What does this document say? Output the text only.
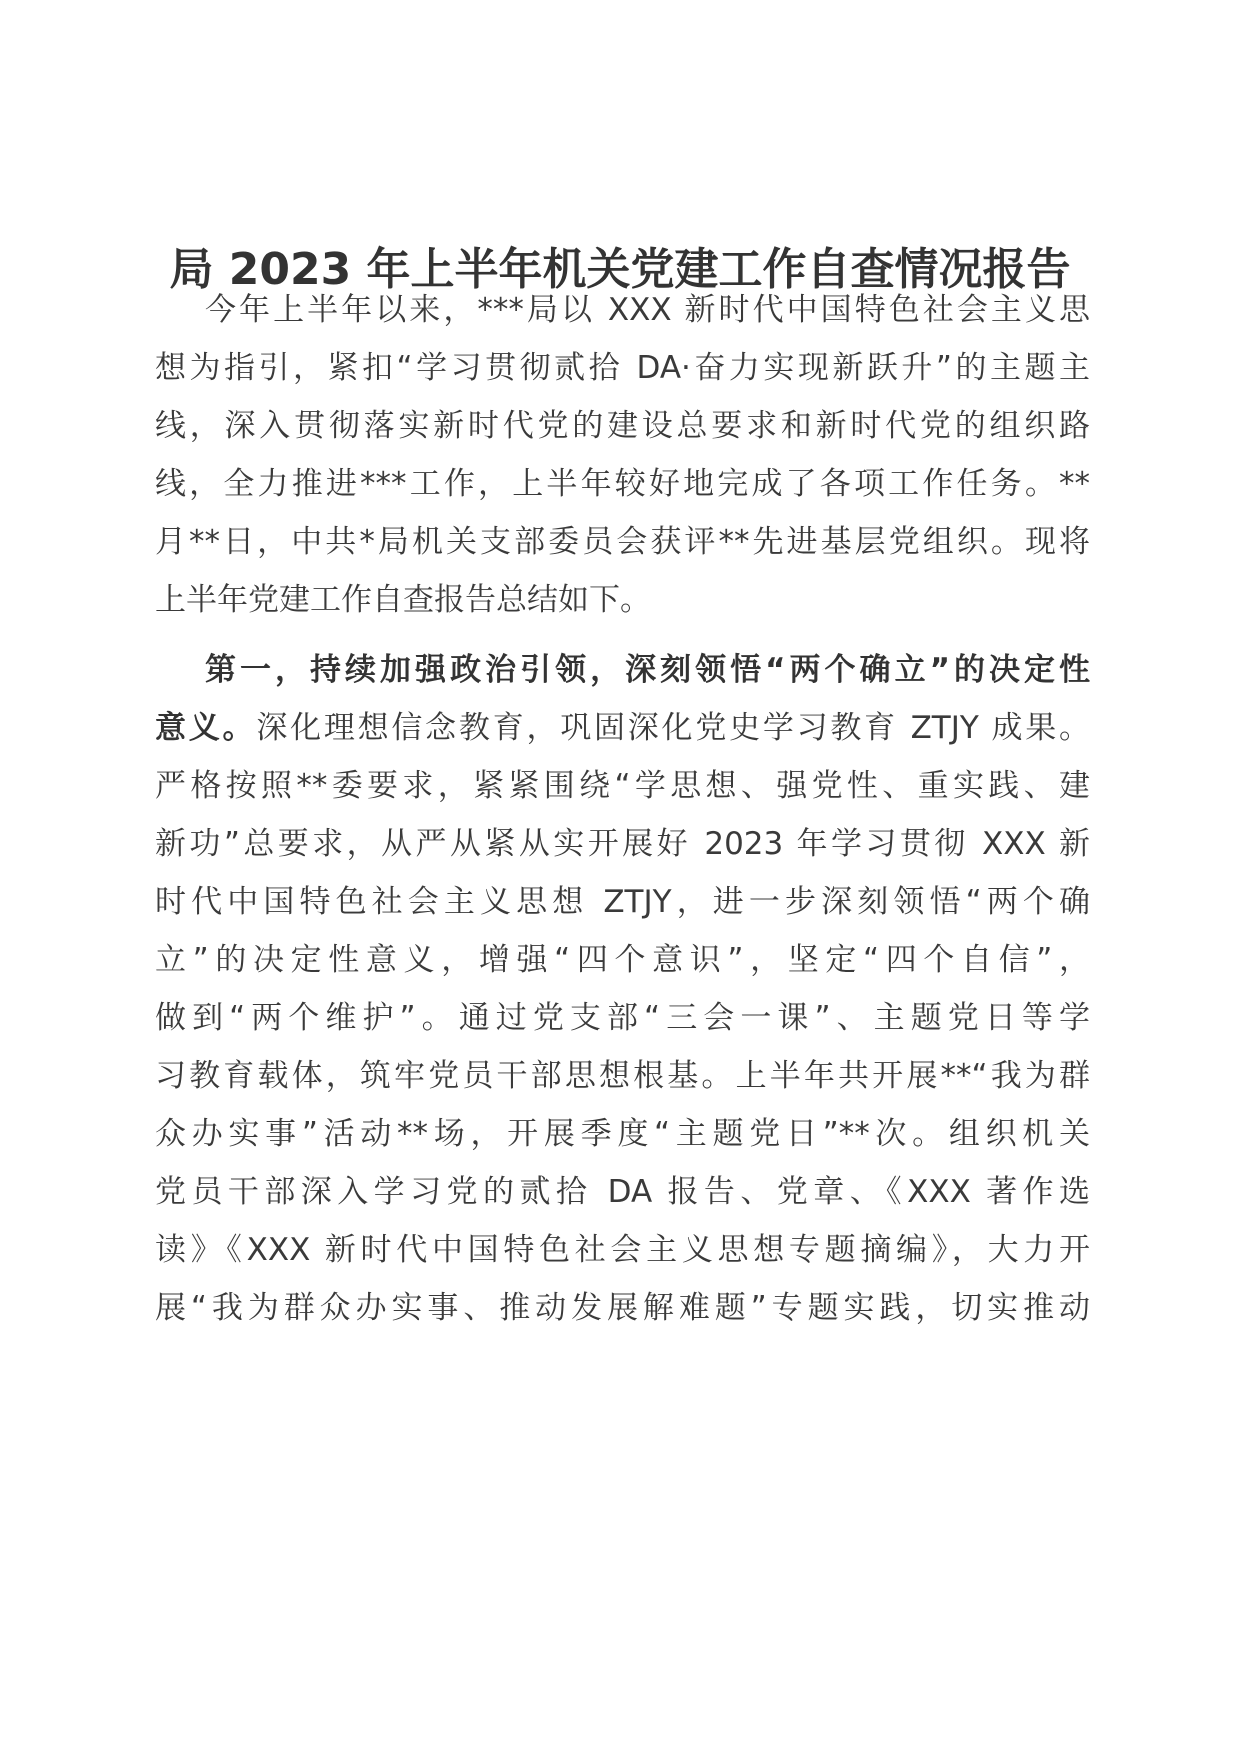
局 2023 年上半年机关党建工作自查情况报告
今年上半年以来，***局以 XXX 新时代中国特色社会主义思
想为指引，紧扣“学习贯彻贰拾 DA·奋力实现新跃升”的主题主
线，深入贯彻落实新时代党的建设总要求和新时代党的组织路
线，全力推进***工作，上半年较好地完成了各项工作任务。**
月**日，中共*局机关支部委员会获评**先进基层党组织。现将
上半年党建工作自查报告总结如下。
第一，持续加强政治引领，深刻领悟“两个确立”的决定性
意义。深化理想信念教育，巩固深化党史学习教育 ZTJY 成果。
严格按照**委要求，紧紧围绕“学思想、强党性、重实践、建
新功”总要求，从严从紧从实开展好 2023 年学习贯彻 XXX 新
时代中国特色社会主义思想 ZTJY，进一步深刻领悟“两个确
立”的决定性意义，增强“四个意识”，坚定“四个自信”，
做到“两个维护”。通过党支部“三会一课”、主题党日等学
习教育载体，筑牢党员干部思想根基。上半年共开展**“我为群
众办实事”活动**场，开展季度“主题党日”**次。组织机关
党员干部深入学习党的贰拾 DA 报告、党章、《XXX 著作选
读》《XXX 新时代中国特色社会主义思想专题摘编》，大力开
展“我为群众办实事、推动发展解难题”专题实践，切实推动
